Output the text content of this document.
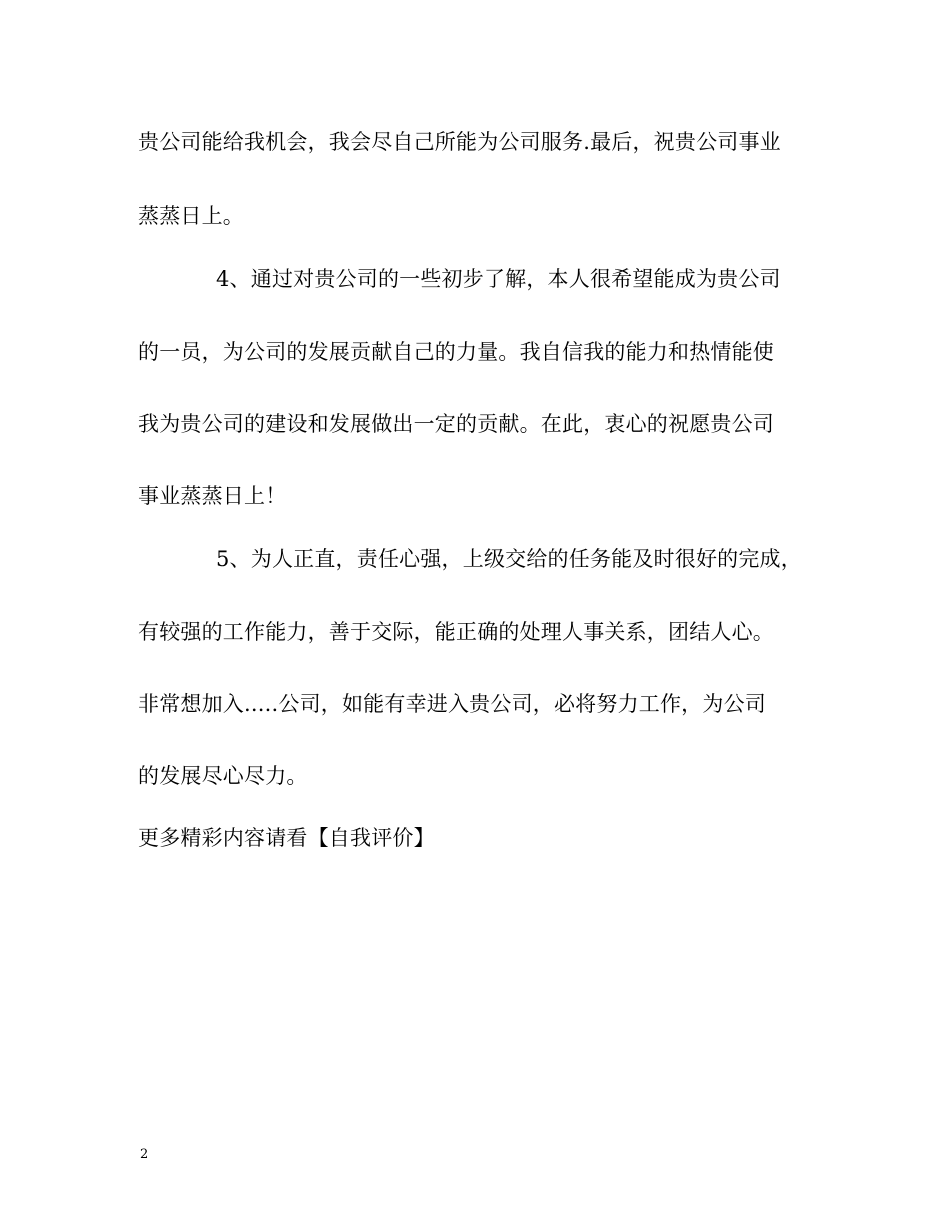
贵公司能给我机会，我会尽自己所能为公司服务.最后，祝贵公司事业
蒸蒸日上。
4、通过对贵公司的一些初步了解，本人很希望能成为贵公司
的一员，为公司的发展贡献自己的力量。我自信我的能力和热情能使
我为贵公司的建设和发展做出一定的贡献。在此，衷心的祝愿贵公司
事业蒸蒸日上！
5、为人正直，责任心强，上级交给的任务能及时很好的完成，
有较强的工作能力，善于交际，能正确的处理人事关系，团结人心。
非常想加入.....公司，如能有幸进入贵公司，必将努力工作，为公司
的发展尽心尽力。
更多精彩内容请看【自我评价】
2
